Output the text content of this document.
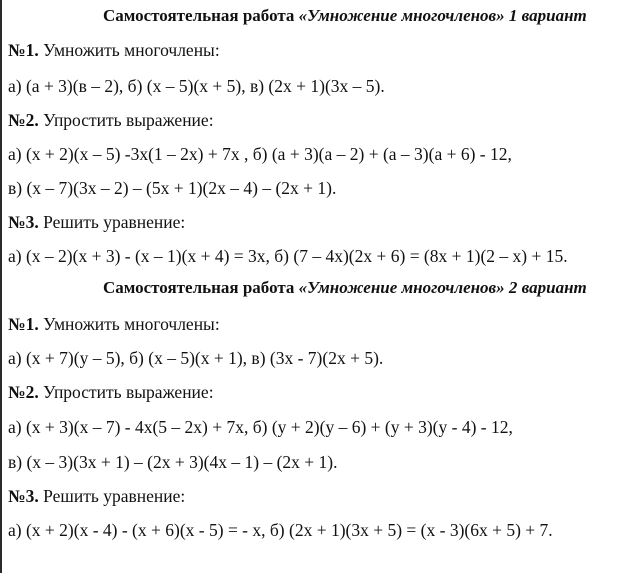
Самостоятельная работа «Умножение многочленов» 1 вариант
№1. Умножить многочлены:
а) (a + 3)(в – 2), б) (x – 5)(x + 5), в) (2x + 1)(3x – 5).
№2. Упростить выражение:
а) (x + 2)(x – 5) -3x(1 – 2x) + 7x , б) (a + 3)(a – 2) + (a – 3)(a + 6) - 12,
в) (x – 7)(3x – 2) – (5x + 1)(2x – 4) – (2x + 1).
№3. Решить уравнение:
а) (x – 2)(x + 3) - (x – 1)(x + 4) = 3x, б) (7 – 4x)(2x + 6) = (8x + 1)(2 – x) + 15.
Самостоятельная работа «Умножение многочленов» 2 вариант
№1. Умножить многочлены:
а) (x + 7)(y – 5), б) (x – 5)(x + 1), в) (3x - 7)(2x + 5).
№2. Упростить выражение:
а) (x + 3)(x – 7) - 4x(5 – 2x) + 7x, б) (y + 2)(y – 6) + (y + 3)(y - 4) - 12,
в) (x – 3)(3x + 1) – (2x + 3)(4x – 1) – (2x + 1).
№3. Решить уравнение:
а) (x + 2)(x - 4) - (x + 6)(x - 5) = - x, б) (2x + 1)(3x + 5) = (x - 3)(6x + 5) + 7.
